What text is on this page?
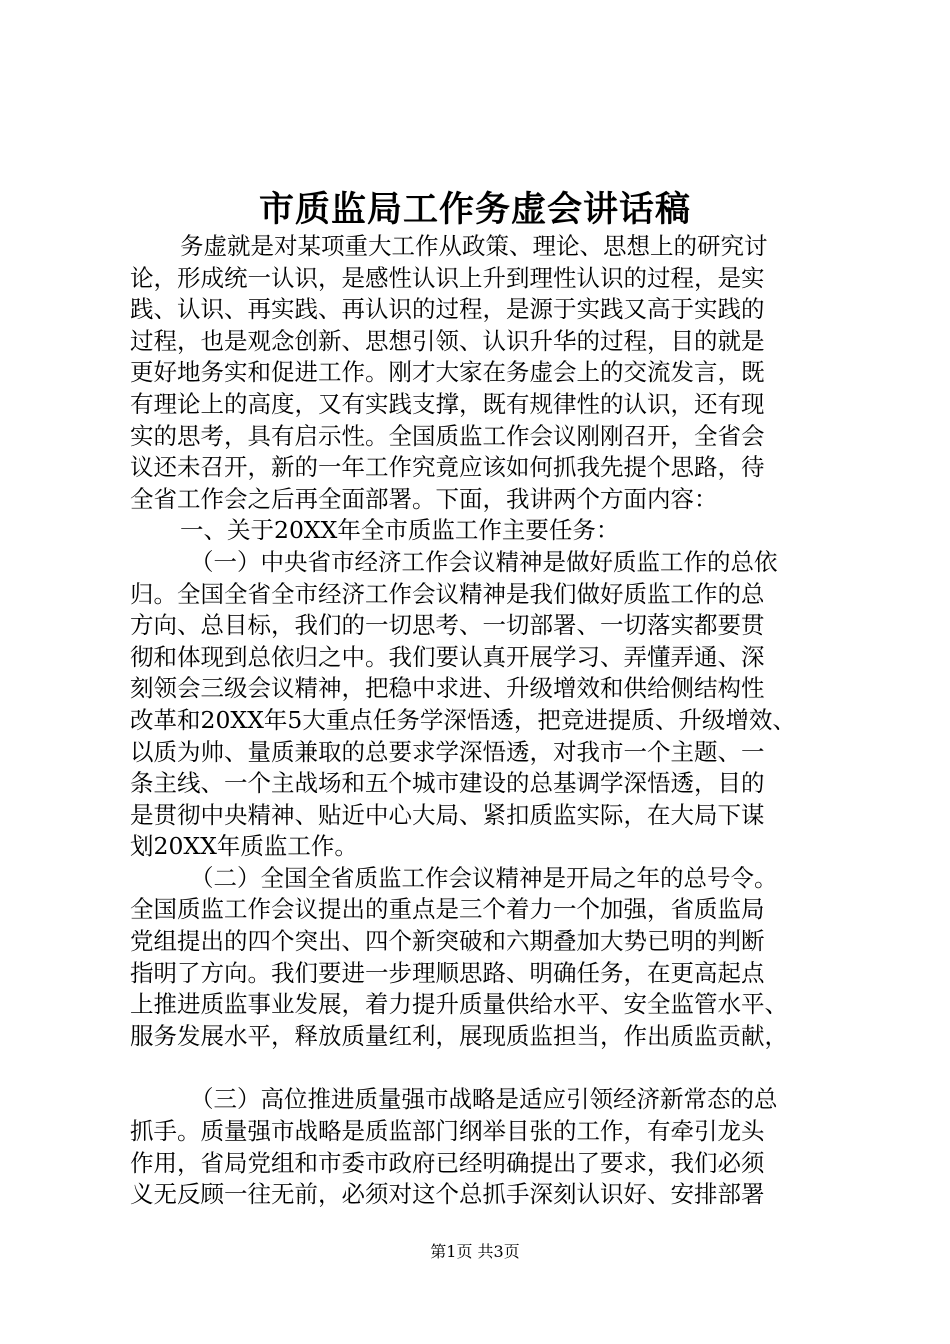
市质监局工作务虚会讲话稿
务虚就是对某项重大工作从政策、理论、思想上的研究讨
论，形成统一认识，是感性认识上升到理性认识的过程，是实
践、认识、再实践、再认识的过程，是源于实践又高于实践的
过程，也是观念创新、思想引领、认识升华的过程，目的就是
更好地务实和促进工作。刚才大家在务虚会上的交流发言，既
有理论上的高度，又有实践支撑，既有规律性的认识，还有现
实的思考，具有启示性。全国质监工作会议刚刚召开，全省会
议还未召开，新的一年工作究竟应该如何抓我先提个思路，待
全省工作会之后再全面部署。下面，我讲两个方面内容：
一、关于20XX年全市质监工作主要任务：
（一）中央省市经济工作会议精神是做好质监工作的总依
归。全国全省全市经济工作会议精神是我们做好质监工作的总
方向、总目标，我们的一切思考、一切部署、一切落实都要贯
彻和体现到总依归之中。我们要认真开展学习、弄懂弄通、深
刻领会三级会议精神，把稳中求进、升级增效和供给侧结构性
改革和20XX年5大重点任务学深悟透，把竞进提质、升级增效、
以质为帅、量质兼取的总要求学深悟透，对我市一个主题、一
条主线、一个主战场和五个城市建设的总基调学深悟透，目的
是贯彻中央精神、贴近中心大局、紧扣质监实际，在大局下谋
划20XX年质监工作。
（二）全国全省质监工作会议精神是开局之年的总号令。
全国质监工作会议提出的重点是三个着力一个加强，省质监局
党组提出的四个突出、四个新突破和六期叠加大势已明的判断
指明了方向。我们要进一步理顺思路、明确任务，在更高起点
上推进质监事业发展，着力提升质量供给水平、安全监管水平、
服务发展水平，释放质量红利，展现质监担当，作出质监贡献，
（三）高位推进质量强市战略是适应引领经济新常态的总
抓手。质量强市战略是质监部门纲举目张的工作，有牵引龙头
作用，省局党组和市委市政府已经明确提出了要求，我们必须
义无反顾一往无前，必须对这个总抓手深刻认识好、安排部署
第1页 共3页
